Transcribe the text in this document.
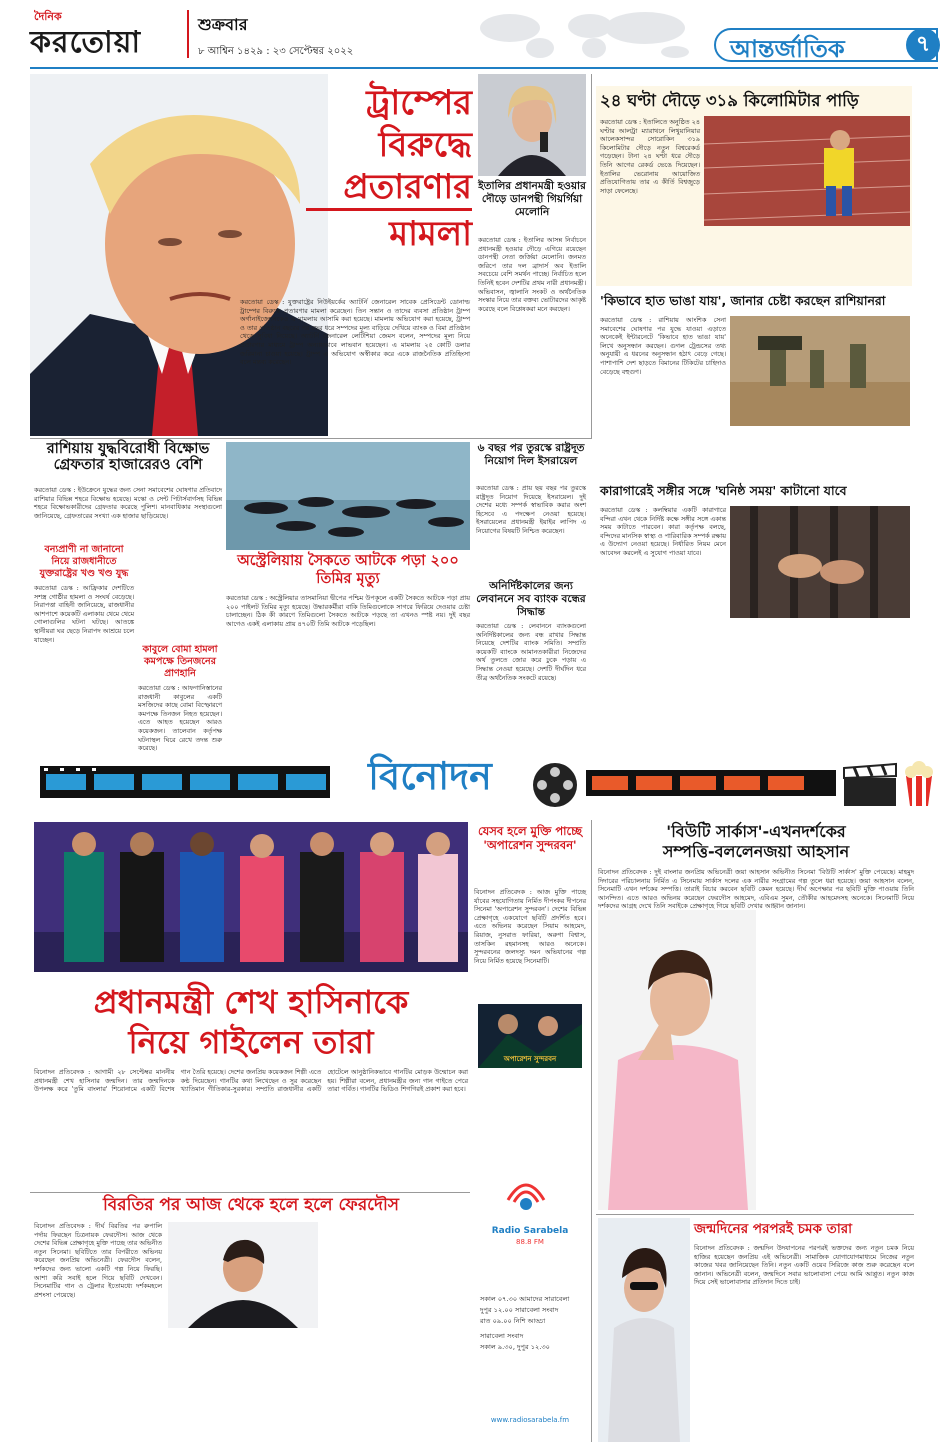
দৈনিক
করতোয়া
শুক্রবার
৮ আশ্বিন ১৪২৯ : ২৩ সেপ্টেম্বর ২০২২	আন্তর্জাতিক	৭
ট্রাম্পের
বিরুদ্ধে
প্রতারণার
মামলা
করতোয়া ডেস্ক : যুক্তরাষ্ট্রের নিউইয়র্কের অ্যাটর্নি জেনারেল সাবেক প্রেসিডেন্ট ডোনাল্ড ট্রাম্পের বিরুদ্ধে প্রতারণার মামলা করেছেন। তিন সন্তান ও তাদের ব্যবসা প্রতিষ্ঠান ট্রাম্প অর্গানাইজেশনকেও এ মামলায় আসামি করা হয়েছে। মামলায় অভিযোগ করা হয়েছে, ট্রাম্প ও তার প্রতিষ্ঠান বছরের পর বছর ধরে সম্পদের মূল্য বাড়িয়ে দেখিয়ে ব্যাংক ও বিমা প্রতিষ্ঠান থেকে সুবিধা নিয়েছে। অ্যাটর্নি জেনারেল লেটিশিয়া জেমস বলেন, সম্পদের মূল্য নিয়ে প্রতারণার মাধ্যমে ট্রাম্প অন্যায়ভাবে লাভবান হয়েছেন। এ মামলায় ২৫ কোটি ডলার জরিমানা চাওয়া হয়েছে। ট্রাম্প এ অভিযোগ অস্বীকার করে একে রাজনৈতিক প্রতিহিংসা বলে মন্তব্য করেছেন।
ইতালির প্রধানমন্ত্রী হওয়ার দৌড়ে ডানপন্থী গিয়র্গিয়া মেলোনি
করতোয়া ডেস্ক : ইতালির আসন্ন নির্বাচনে প্রধানমন্ত্রী হওয়ার দৌড়ে এগিয়ে রয়েছেন ডানপন্থী নেতা জর্জিয়া মেলোনি। জনমত জরিপে তার দল ব্রাদার্স অব ইতালি সবচেয়ে বেশি সমর্থন পাচ্ছে। নির্বাচিত হলে তিনিই হবেন দেশটির প্রথম নারী প্রধানমন্ত্রী। অভিবাসন, জ্বালানি সংকট ও অর্থনৈতিক সংস্কার নিয়ে তার বক্তব্য ভোটারদের আকৃষ্ট করেছে বলে বিশ্লেষকরা মনে করছেন।
২৪ ঘণ্টা দৌড়ে ৩১৯ কিলোমিটার পাড়ি
করতোয়া ডেস্ক : ইতালিতে অনুষ্ঠিত ২৪ ঘণ্টার আলট্রা ম্যারাথনে লিথুয়ানিয়ার আলেকসান্দর সোরোকিন ৩১৯ কিলোমিটার দৌড়ে নতুন বিশ্বরেকর্ড গড়েছেন। টানা ২৪ ঘণ্টা ধরে দৌড়ে তিনি আগের রেকর্ড ভেঙে দিয়েছেন। ইতালির ভেরোনায় আয়োজিত প্রতিযোগিতায় তার এ কীর্তি বিশ্বজুড়ে সাড়া ফেলেছে।
'কিভাবে হাত ভাঙা যায়', জানার চেষ্টা করছেন রাশিয়ানরা
করতোয়া ডেস্ক : রাশিয়ায় আংশিক সেনা সমাবেশের ঘোষণার পর যুদ্ধে যাওয়া এড়াতে অনেকেই ইন্টারনেটে 'কিভাবে হাত ভাঙা যায়' লিখে অনুসন্ধান করছেন। গুগল ট্রেন্ডসের তথ্য অনুযায়ী এ ধরনের অনুসন্ধান হঠাৎ বেড়ে গেছে। পাশাপাশি দেশ ছাড়তে বিমানের টিকিটের চাহিদাও বেড়েছে বহুগুণ।
কারাগারেই সঙ্গীর সঙ্গে 'ঘনিষ্ঠ সময়' কাটানো যাবে
করতোয়া ডেস্ক : কলম্বিয়ার একটি কারাগারে বন্দিরা এখন থেকে নির্দিষ্ট কক্ষে সঙ্গীর সঙ্গে একান্ত সময় কাটাতে পারবেন। কারা কর্তৃপক্ষ বলছে, বন্দিদের মানসিক স্বাস্থ্য ও পারিবারিক সম্পর্ক রক্ষায় এ উদ্যোগ নেওয়া হয়েছে। নির্ধারিত নিয়ম মেনে আবেদন করলেই এ সুযোগ পাওয়া যাবে।
রাশিয়ায় যুদ্ধবিরোধী বিক্ষোভ গ্রেফতার হাজারেরও বেশি
করতোয়া ডেস্ক : ইউক্রেনে যুদ্ধের জন্য সেনা সমাবেশের ঘোষণার প্রতিবাদে রাশিয়ার বিভিন্ন শহরে বিক্ষোভ হয়েছে। মস্কো ও সেন্ট পিটার্সবার্গসহ বিভিন্ন শহরে বিক্ষোভকারীদের গ্রেফতার করেছে পুলিশ। মানবাধিকার সংস্থাগুলো জানিয়েছে, গ্রেফতারের সংখ্যা এক হাজার ছাড়িয়েছে।
বন্যপ্রাণী না জানানো নিয়ে রাজধানীতে যুক্তরাষ্ট্রের খণ্ড খণ্ড যুদ্ধ
করতোয়া ডেস্ক : আফ্রিকার দেশটিতে সশস্ত্র গোষ্ঠীর হামলা ও সংঘর্ষ বেড়েছে। নিরাপত্তা বাহিনী জানিয়েছে, রাজধানীর আশপাশে কয়েকটি এলাকায় থেমে থেমে গোলাগুলির ঘটনা ঘটছে। আতঙ্কে স্থানীয়রা ঘর ছেড়ে নিরাপদ আশ্রয়ে চলে যাচ্ছেন।
কাবুলে বোমা হামলা কমপক্ষে তিনজনের প্রাণহানি
করতোয়া ডেস্ক : আফগানিস্তানের রাজধানী কাবুলের একটি মসজিদের কাছে বোমা বিস্ফোরণে কমপক্ষে তিনজন নিহত হয়েছেন। এতে আহত হয়েছেন আরও কয়েকজন। তালেবান কর্তৃপক্ষ ঘটনাস্থল ঘিরে রেখে তদন্ত শুরু করেছে।
অস্ট্রেলিয়ায় সৈকতে আটকে পড়া ২০০ তিমির মৃত্যু
করতোয়া ডেস্ক : অস্ট্রেলিয়ার তাসমানিয়া দ্বীপের পশ্চিম উপকূলে একটি সৈকতে আটকে পড়া প্রায় ২০০ পাইলট তিমির মৃত্যু হয়েছে। উদ্ধারকর্মীরা বাকি তিমিগুলোকে সাগরে ফিরিয়ে দেওয়ার চেষ্টা চালাচ্ছেন। ঠিক কী কারণে তিমিগুলো সৈকতে আটকে পড়ছে তা এখনও স্পষ্ট নয়। দুই বছর আগেও একই এলাকায় প্রায় ৪৭০টি তিমি আটকে পড়েছিল।
৬ বছর পর তুরস্কে রাষ্ট্রদূত নিয়োগ দিল ইসরায়েল
করতোয়া ডেস্ক : প্রায় ছয় বছর পর তুরস্কে রাষ্ট্রদূত নিয়োগ দিয়েছে ইসরায়েল। দুই দেশের মধ্যে সম্পর্ক স্বাভাবিক করার অংশ হিসেবে এ পদক্ষেপ নেওয়া হয়েছে। ইসরায়েলের প্রধানমন্ত্রী ইয়াইর লাপিদ এ নিয়োগের বিষয়টি নিশ্চিত করেছেন।
অনির্দিষ্টকালের জন্য লেবাননে সব ব্যাংক বন্ধের সিদ্ধান্ত
করতোয়া ডেস্ক : লেবাননে ব্যাংকগুলো অনির্দিষ্টকালের জন্য বন্ধ রাখার সিদ্ধান্ত নিয়েছে দেশটির ব্যাংক সমিতি। সম্প্রতি কয়েকটি ব্যাংকে আমানতকারীরা নিজেদের অর্থ তুলতে জোর করে ঢুকে পড়ায় এ সিদ্ধান্ত নেওয়া হয়েছে। দেশটি দীর্ঘদিন ধরে তীব্র অর্থনৈতিক সংকটে রয়েছে।
বিনোদন
প্রধানমন্ত্রী শেখ হাসিনাকে
নিয়ে গাইলেন তারা
বিনোদন প্রতিবেদক : আগামী ২৮ সেপ্টেম্বর মাননীয় প্রধানমন্ত্রী শেখ হাসিনার জন্মদিন। তার জন্মদিনকে উপলক্ষ করে 'তুমি বাংলার' শিরোনামে একটি বিশেষ গান তৈরি হয়েছে। দেশের জনপ্রিয় কয়েকজন শিল্পী এতে কণ্ঠ দিয়েছেন। গানটির কথা লিখেছেন ও সুর করেছেন খ্যাতিমান গীতিকার-সুরকার। সম্প্রতি রাজধানীর একটি হোটেলে আনুষ্ঠানিকভাবে গানটির মোড়ক উন্মোচন করা হয়। শিল্পীরা বলেন, প্রধানমন্ত্রীর জন্য গান গাইতে পেরে তারা গর্বিত। গানটির ভিডিও শিগগিরই প্রকাশ করা হবে।
বিরতির পর আজ থেকে হলে হলে ফেরদৌস
বিনোদন প্রতিবেদক : দীর্ঘ বিরতির পর রুপালি পর্দায় ফিরছেন চিত্রনায়ক ফেরদৌস। আজ থেকে দেশের বিভিন্ন প্রেক্ষাগৃহে মুক্তি পাচ্ছে তার অভিনীত নতুন সিনেমা। ছবিটিতে তার বিপরীতে অভিনয় করেছেন জনপ্রিয় অভিনেত্রী। ফেরদৌস বলেন, দর্শকদের জন্য ভালো একটি গল্প নিয়ে ফিরছি। আশা করি সবাই হলে গিয়ে ছবিটি দেখবেন। সিনেমাটির গান ও ট্রেলার ইতোমধ্যে দর্শকমহলে প্রশংসা পেয়েছে।
যেসব হলে মুক্তি পাচ্ছে 'অপারেশন সুন্দরবন'
বিনোদন প্রতিবেদক : আজ মুক্তি পাচ্ছে র্যাবের সহযোগিতায় নির্মিত দীপংকর দীপনের সিনেমা 'অপারেশন সুন্দরবন'। দেশের বিভিন্ন প্রেক্ষাগৃহে একযোগে ছবিটি প্রদর্শিত হবে। এতে অভিনয় করেছেন সিয়াম আহমেদ, রিয়াজ, নুসরাত ফারিয়া, অরুণা বিশ্বাস, তাসকিন রহমানসহ আরও অনেকে। সুন্দরবনের জলদস্যু দমন অভিযানের গল্প নিয়ে নির্মিত হয়েছে সিনেমাটি।
অপারেশন সুন্দরবন
Radio Sarabela
88.8 FM
সকাল ০৭.৩০ আমাদের সারাবেলা
দুপুর ১২.০০ সারাবেলা সংবাদ
রাত ০৯.০০ নিশি আড্ডা
সারাবেলা সংবাদ
সকাল ৯.৩০, দুপুর ১২.৩০
www.radiosarabela.fm
'বিউটি সার্কাস'-এখনদর্শকের
সম্পত্তি-বললেনজয়া আহসান
বিনোদন প্রতিবেদক : দুই বাংলার জনপ্রিয় অভিনেত্রী জয়া আহসান অভিনীত সিনেমা 'বিউটি সার্কাস' মুক্তি পেয়েছে। মাহমুদ দিদারের পরিচালনায় নির্মিত এ সিনেমায় সার্কাস দলের এক নারীর সংগ্রামের গল্প তুলে ধরা হয়েছে। জয়া আহসান বলেন, সিনেমাটি এখন দর্শকের সম্পত্তি। তারাই বিচার করবেন ছবিটি কেমন হয়েছে। দীর্ঘ অপেক্ষার পর ছবিটি মুক্তি পাওয়ায় তিনি আনন্দিত। এতে আরও অভিনয় করেছেন ফেরদৌস আহমেদ, এবিএম সুমন, তৌকীর আহমেদসহ অনেকে। সিনেমাটি নিয়ে দর্শকদের আগ্রহ দেখে তিনি সবাইকে প্রেক্ষাগৃহে গিয়ে ছবিটি দেখার আহ্বান জানান।
জন্মদিনের পরপরই চমক তারা
বিনোদন প্রতিবেদক : জন্মদিন উদযাপনের পরপরই ভক্তদের জন্য নতুন চমক নিয়ে হাজির হয়েছেন জনপ্রিয় এই অভিনেত্রী। সামাজিক যোগাযোগমাধ্যমে নিজের নতুন কাজের খবর জানিয়েছেন তিনি। নতুন একটি ওয়েব সিরিজে কাজ শুরু করেছেন বলে জানান। অভিনেত্রী বলেন, জন্মদিনে সবার ভালোবাসা পেয়ে আমি আপ্লুত। নতুন কাজ দিয়ে সেই ভালোবাসার প্রতিদান দিতে চাই।
